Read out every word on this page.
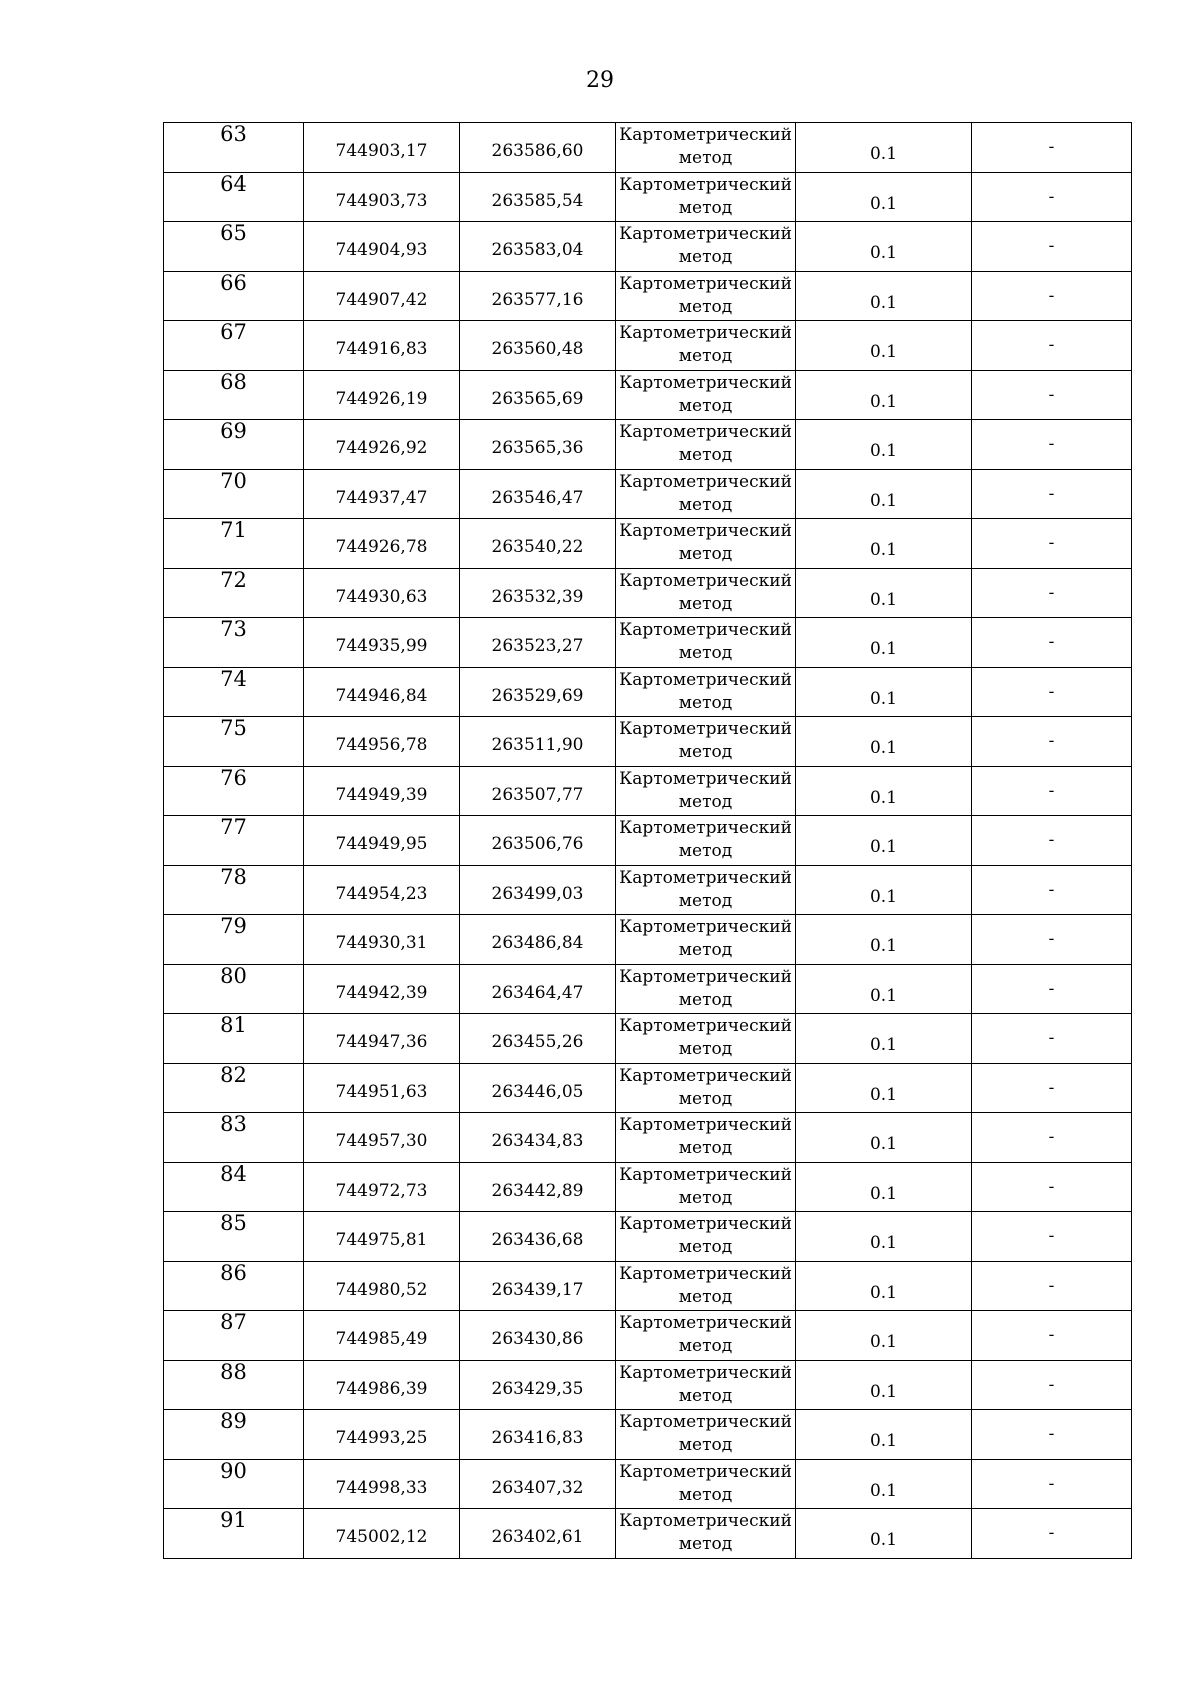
29
63	744903,17	263586,60	Картометрический метод	0.1	-

64	744903,73	263585,54	Картометрический метод	0.1	-

65	744904,93	263583,04	Картометрический метод	0.1	-

66	744907,42	263577,16	Картометрический метод	0.1	-

67	744916,83	263560,48	Картометрический метод	0.1	-

68	744926,19	263565,69	Картометрический метод	0.1	-

69	744926,92	263565,36	Картометрический метод	0.1	-

70	744937,47	263546,47	Картометрический метод	0.1	-

71	744926,78	263540,22	Картометрический метод	0.1	-

72	744930,63	263532,39	Картометрический метод	0.1	-

73	744935,99	263523,27	Картометрический метод	0.1	-

74	744946,84	263529,69	Картометрический метод	0.1	-

75	744956,78	263511,90	Картометрический метод	0.1	-

76	744949,39	263507,77	Картометрический метод	0.1	-

77	744949,95	263506,76	Картометрический метод	0.1	-

78	744954,23	263499,03	Картометрический метод	0.1	-

79	744930,31	263486,84	Картометрический метод	0.1	-

80	744942,39	263464,47	Картометрический метод	0.1	-

81	744947,36	263455,26	Картометрический метод	0.1	-

82	744951,63	263446,05	Картометрический метод	0.1	-

83	744957,30	263434,83	Картометрический метод	0.1	-

84	744972,73	263442,89	Картометрический метод	0.1	-

85	744975,81	263436,68	Картометрический метод	0.1	-

86	744980,52	263439,17	Картометрический метод	0.1	-

87	744985,49	263430,86	Картометрический метод	0.1	-

88	744986,39	263429,35	Картометрический метод	0.1	-

89	744993,25	263416,83	Картометрический метод	0.1	-

90	744998,33	263407,32	Картометрический метод	0.1	-

91	745002,12	263402,61	Картометрический метод	0.1	-
